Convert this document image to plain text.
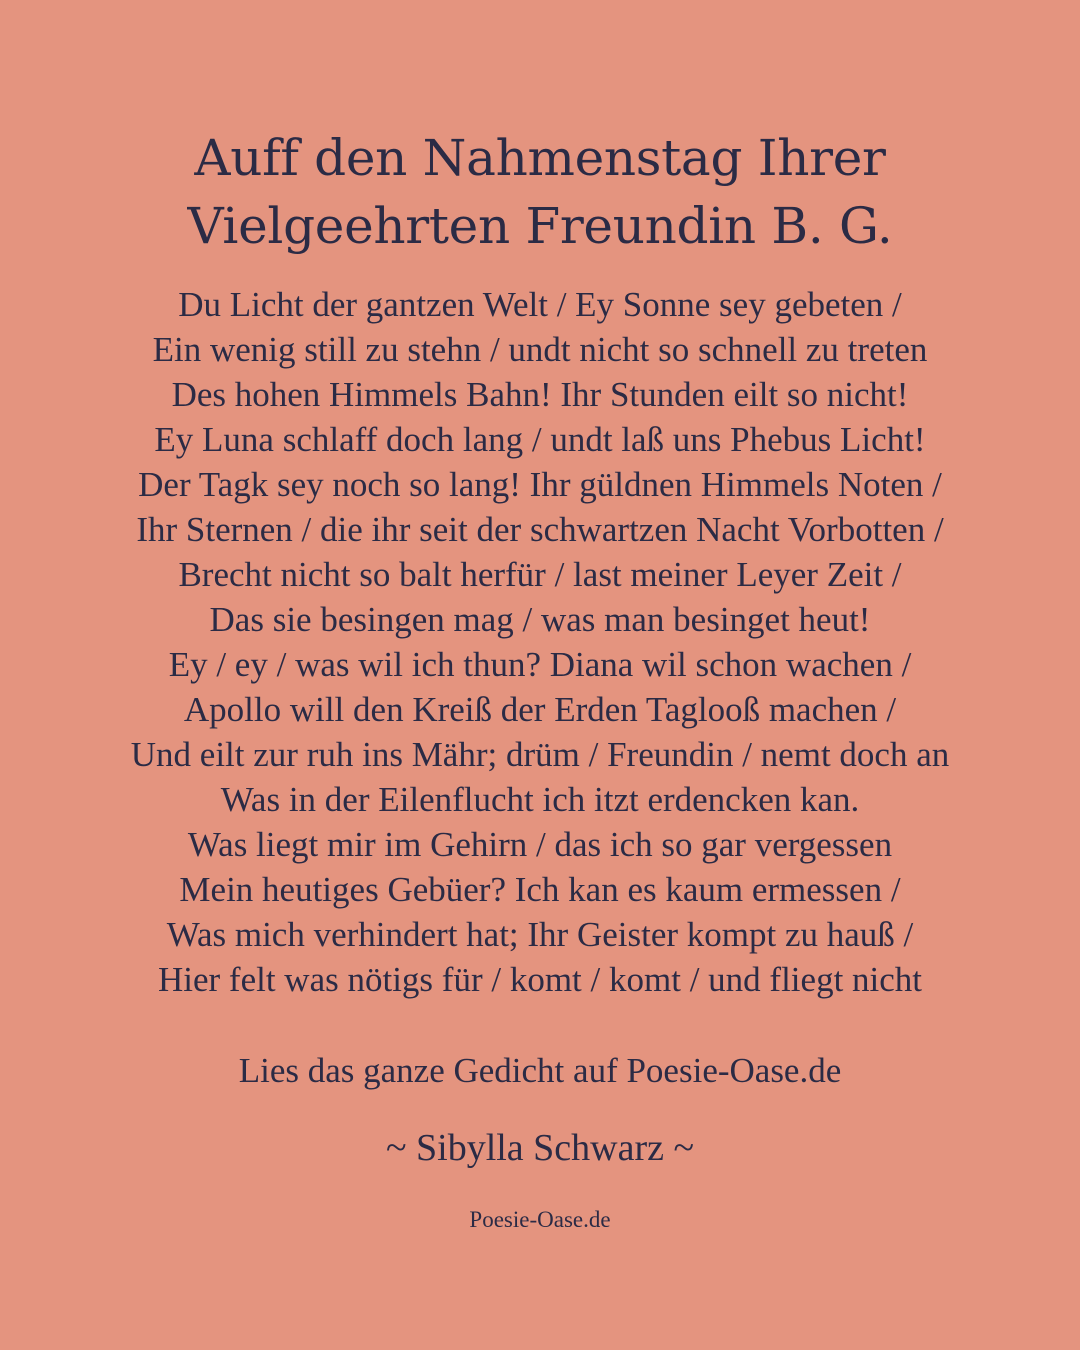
Auff den Nahmenstag Ihrer
Vielgeehrten Freundin B. G.
Du Licht der gantzen Welt / Ey Sonne sey gebeten /
Ein wenig still zu stehn / undt nicht so schnell zu treten
Des hohen Himmels Bahn! Ihr Stunden eilt so nicht!
Ey Luna schlaff doch lang / undt laß uns Phebus Licht!
Der Tagk sey noch so lang! Ihr güldnen Himmels Noten /
Ihr Sternen / die ihr seit der schwartzen Nacht Vorbotten /
Brecht nicht so balt herfür / last meiner Leyer Zeit /
Das sie besingen mag / was man besinget heut!
Ey / ey / was wil ich thun? Diana wil schon wachen /
Apollo will den Kreiß der Erden Taglooß machen /
Und eilt zur ruh ins Mähr; drüm / Freundin / nemt doch an
Was in der Eilenflucht ich itzt erdencken kan.
Was liegt mir im Gehirn / das ich so gar vergessen
Mein heutiges Gebüer? Ich kan es kaum ermessen /
Was mich verhindert hat; Ihr Geister kompt zu hauß /
Hier felt was nötigs für / komt / komt / und fliegt nicht
Lies das ganze Gedicht auf Poesie-Oase.de
~ Sibylla Schwarz ~
Poesie-Oase.de
